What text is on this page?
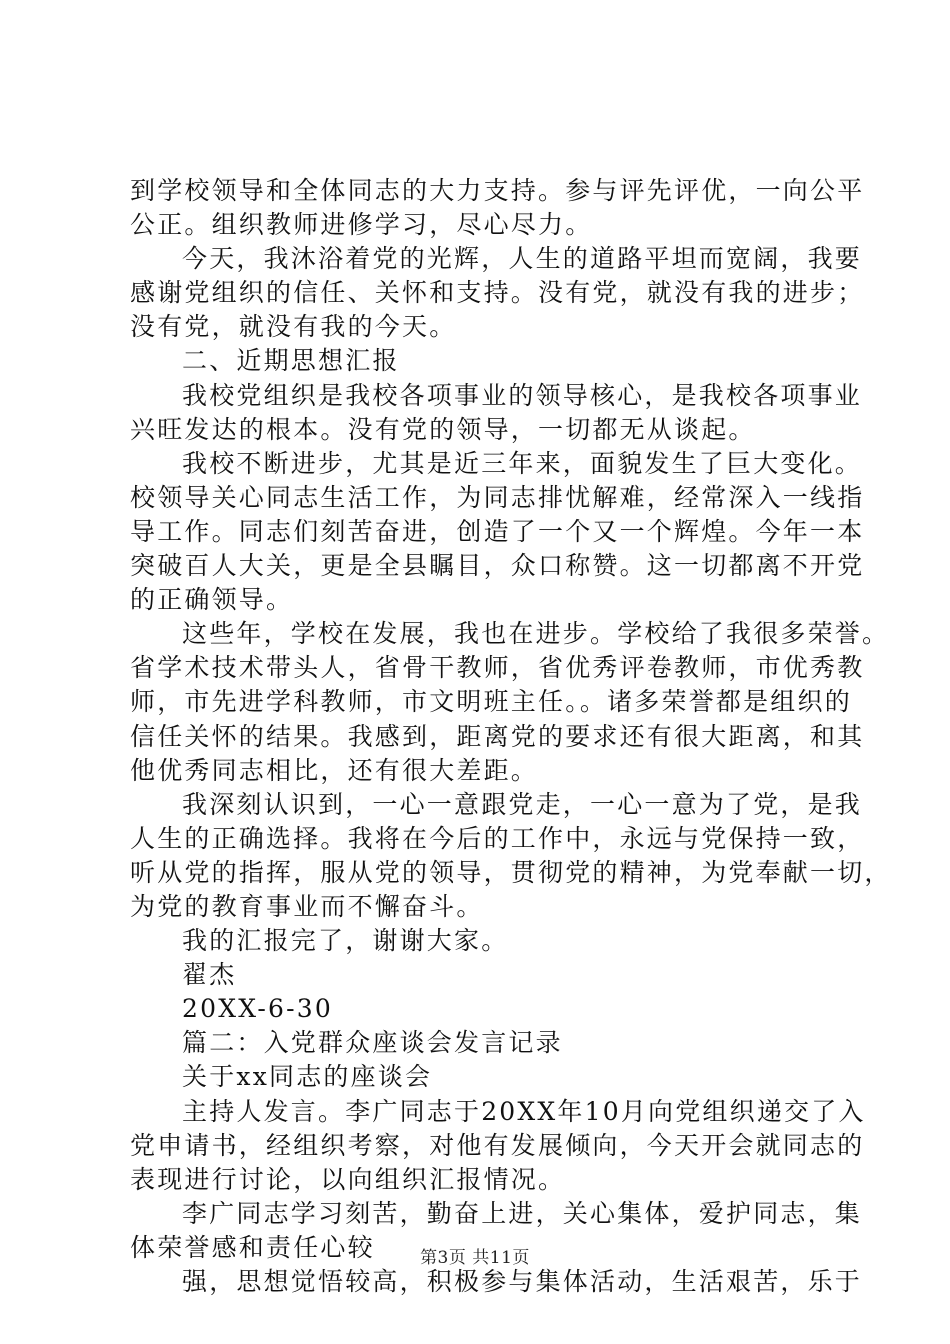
到学校领导和全体同志的大力支持。参与评先评优，一向公平
公正。组织教师进修学习，尽心尽力。
今天，我沐浴着党的光辉，人生的道路平坦而宽阔，我要
感谢党组织的信任、关怀和支持。没有党，就没有我的进步；
没有党，就没有我的今天。
二、近期思想汇报
我校党组织是我校各项事业的领导核心，是我校各项事业
兴旺发达的根本。没有党的领导，一切都无从谈起。
我校不断进步，尤其是近三年来，面貌发生了巨大变化。
校领导关心同志生活工作，为同志排忧解难，经常深入一线指
导工作。同志们刻苦奋进，创造了一个又一个辉煌。今年一本
突破百人大关，更是全县瞩目，众口称赞。这一切都离不开党
的正确领导。
这些年，学校在发展，我也在进步。学校给了我很多荣誉。
省学术技术带头人，省骨干教师，省优秀评卷教师，市优秀教
师，市先进学科教师，市文明班主任。。诸多荣誉都是组织的
信任关怀的结果。我感到，距离党的要求还有很大距离，和其
他优秀同志相比，还有很大差距。
我深刻认识到，一心一意跟党走，一心一意为了党，是我
人生的正确选择。我将在今后的工作中，永远与党保持一致，
听从党的指挥，服从党的领导，贯彻党的精神，为党奉献一切，
为党的教育事业而不懈奋斗。
我的汇报完了，谢谢大家。
翟杰
20XX-6-30
篇二：入党群众座谈会发言记录
关于xx同志的座谈会
主持人发言。李广同志于20XX年10月向党组织递交了入
党申请书，经组织考察，对他有发展倾向，今天开会就同志的
表现进行讨论，以向组织汇报情况。
李广同志学习刻苦，勤奋上进，关心集体，爱护同志，集
体荣誉感和责任心较
强，思想觉悟较高，积极参与集体活动，生活艰苦，乐于
第3页 共11页
